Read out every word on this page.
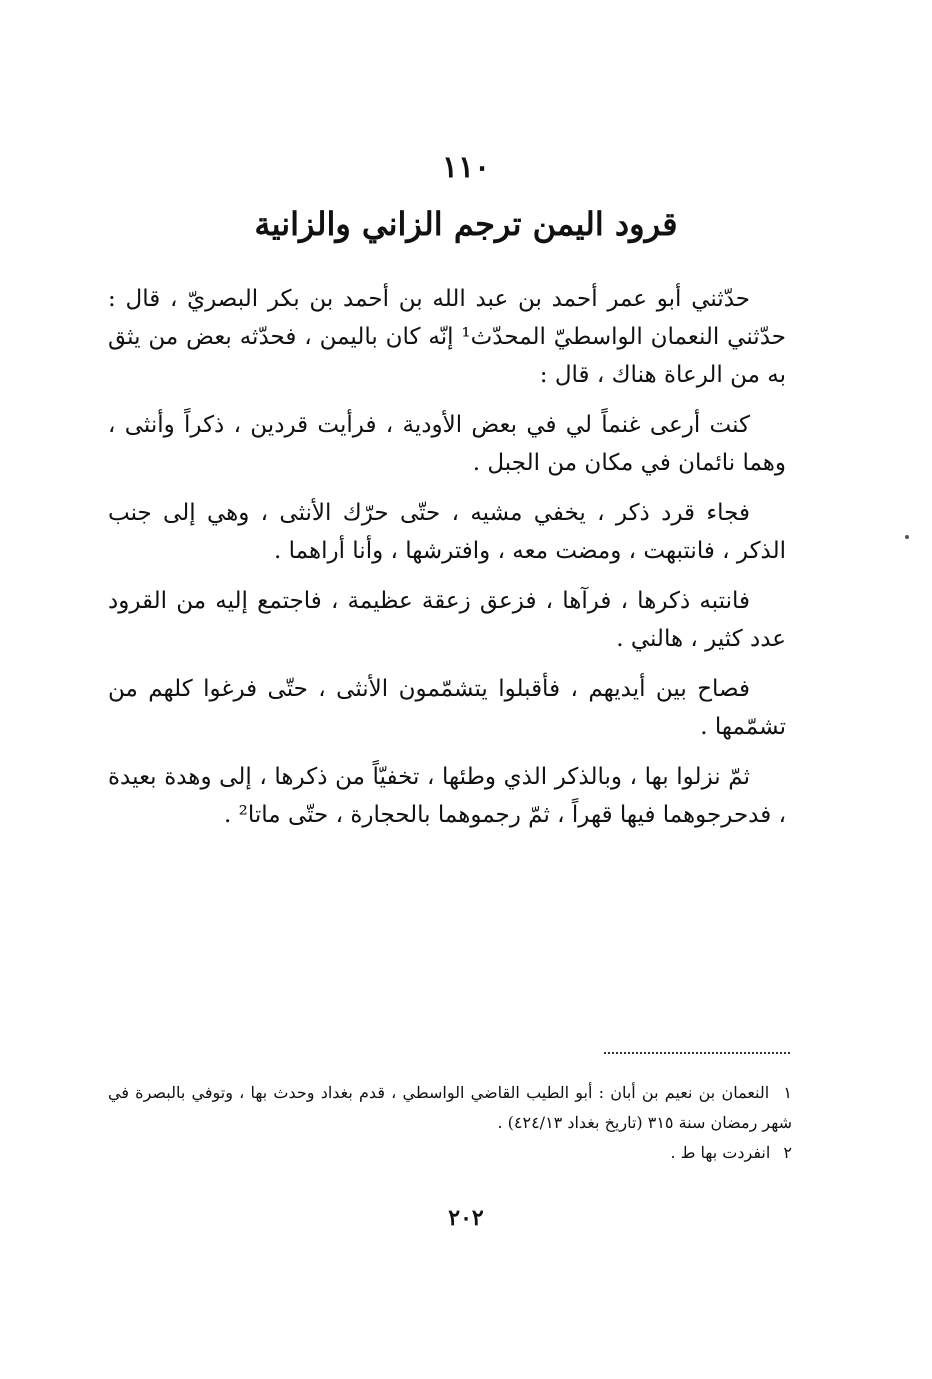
١١٠
قرود اليمن ترجم الزاني والزانية

حدّثني أبو عمر أحمد بن عبد الله بن أحمد بن بكر البصريّ ، قال : حدّثني النعمان الواسطيّ المحدّث¹ إنّه كان باليمن ، فحدّثه بعض من يثق به من الرعاة هناك ، قال :

كنت أرعى غنماً لي في بعض الأودية ، فرأيت قردين ، ذكراً وأنثى ، وهما نائمان في مكان من الجبل .

فجاء قرد ذكر ، يخفي مشيه ، حتّى حرّك الأنثى ، وهي إلى جنب الذكر ، فانتبهت ، ومضت معه ، وافترشها ، وأنا أراهما .

فانتبه ذكرها ، فرآها ، فزعق زعقة عظيمة ، فاجتمع إليه من القرود عدد كثير ، هالني .

فصاح بين أيديهم ، فأقبلوا يتشمّمون الأنثى ، حتّى فرغوا كلهم من تشمّمها .

ثمّ نزلوا بها ، وبالذكر الذي وطئها ، تخفيّاً من ذكرها ، إلى وهدة بعيدة ، فدحرجوهما فيها قهراً ، ثمّ رجموهما بالحجارة ، حتّى ماتا² .

١ النعمان بن نعيم بن أبان : أبو الطيب القاضي الواسطي ، قدم بغداد وحدث بها ، وتوفي بالبصرة في شهر رمضان سنة ٣١٥ (تاريخ بغداد ٤٢٤/١٣) .

٢ انفردت بها ط .

٢٠٢
